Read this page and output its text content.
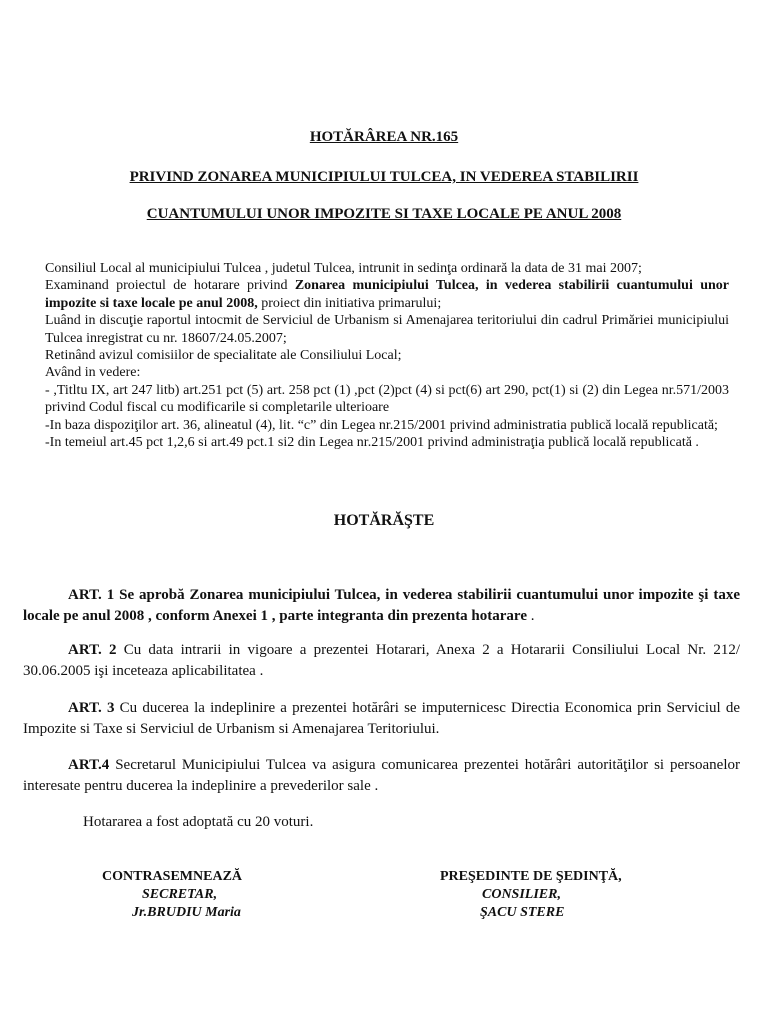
HOTĂRÂREA NR.165
PRIVIND ZONAREA MUNICIPIULUI TULCEA, IN VEDEREA STABILIRII
CUANTUMULUI UNOR IMPOZITE SI TAXE LOCALE PE ANUL 2008

Consiliul Local al municipiului Tulcea , judetul Tulcea, intrunit in sedinţa ordinară la data de 31 mai 2007;

Examinand proiectul de hotarare privind Zonarea municipiului Tulcea, in vederea stabilirii cuantumului unor impozite si taxe locale pe anul 2008, proiect din initiativa primarului;

Luând in discuţie raportul intocmit de Serviciul de Urbanism si Amenajarea teritoriului din cadrul Primăriei municipiului Tulcea inregistrat cu nr. 18607/24.05.2007;

Retinând avizul comisiilor de specialitate ale Consiliului Local;

Având in vedere:

- ,Titltu IX, art 247 litb) art.251 pct (5) art. 258 pct (1) ,pct (2)pct (4) si pct(6) art 290, pct(1) si (2) din Legea nr.571/2003 privind Codul fiscal cu modificarile si completarile ulterioare

-In baza dispoziţilor art. 36, alineatul (4), lit. “c” din Legea nr.215/2001 privind administratia publică locală republicată;

-In temeiul art.45 pct 1,2,6 si art.49 pct.1 si2 din Legea nr.215/2001 privind administraţia publică locală republicată .

HOTĂRĂŞTE
ART. 1 Se aprobă Zonarea municipiului Tulcea, in vederea stabilirii cuantumului unor impozite şi taxe locale pe anul 2008 , conform Anexei 1 , parte integranta din prezenta hotarare .
ART. 2 Cu data intrarii in vigoare a prezentei Hotarari, Anexa 2 a Hotararii Consiliului Local Nr. 212/ 30.06.2005 işi inceteaza aplicabilitatea .
ART. 3 Cu ducerea la indeplinire a prezentei hotărâri se imputernicesc Directia Economica prin Serviciul de Impozite si Taxe si Serviciul de Urbanism si Amenajarea Teritoriului.
ART.4 Secretarul Municipiului Tulcea va asigura comunicarea prezentei hotărâri autorităţilor si persoanelor interesate pentru ducerea la indeplinire a prevederilor sale .
Hotararea a fost adoptată cu 20 voturi.
CONTRASEMNEAZĂ
SECRETAR,
Jr.BRUDIU Maria
PREŞEDINTE DE ŞEDINŢĂ,
CONSILIER,
ŞACU STERE
